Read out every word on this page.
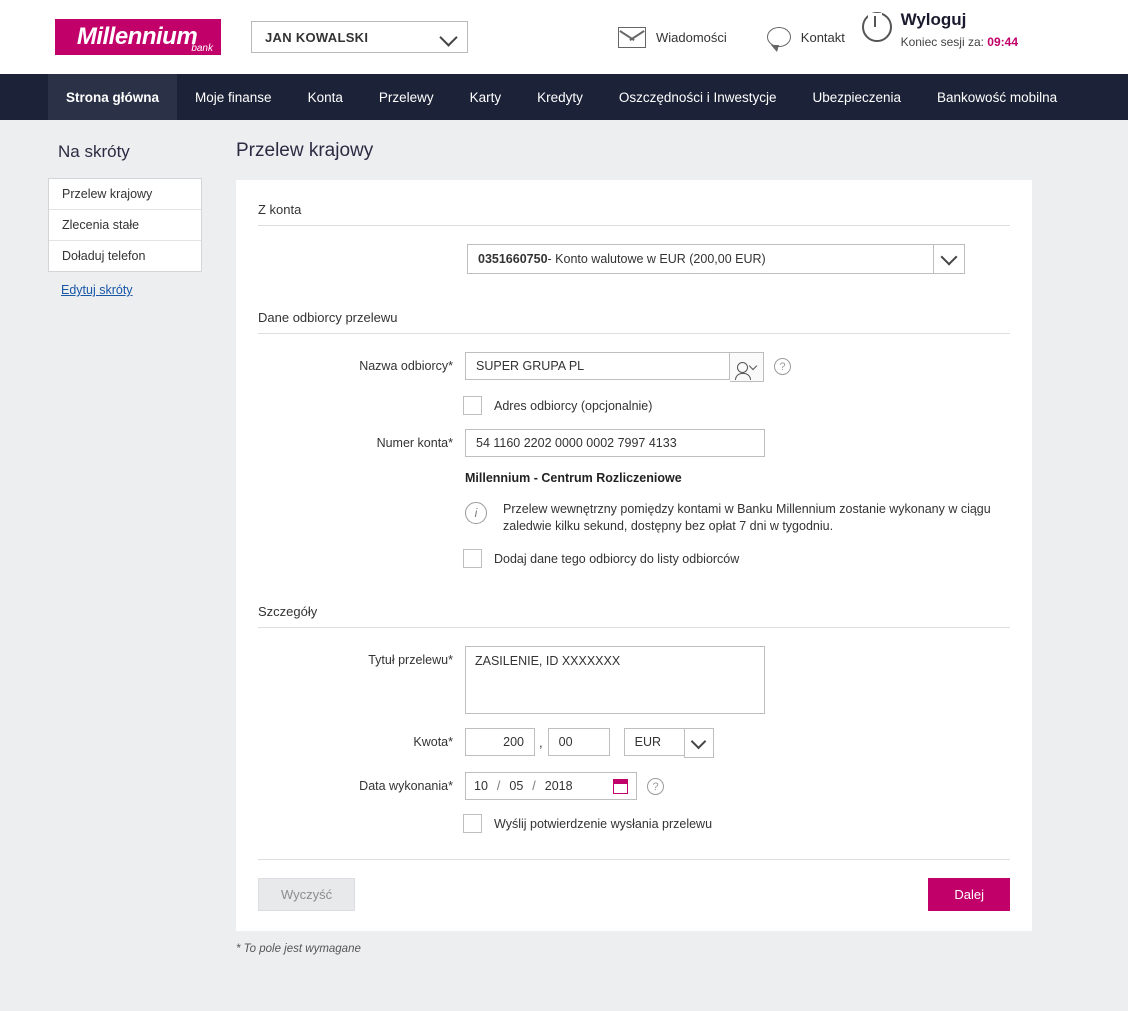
Millennium
bank
JAN KOWALSKI	Wiadomości	Kontakt
Wyloguj
Koniec sesji za: 09:44
Strona główna	Moje finanse	Konta	Przelewy	Karty	Kredyty	Oszczędności i Inwestycje	Ubezpieczenia	Bankowość mobilna
Na skróty
Przelew krajowy
Zlecenia stałe
Doładuj telefon
Edytuj skróty
Przelew krajowy
Z konta
0351660750 - Konto walutowe w EUR (200,00 EUR)
Dane odbiorcy przelewu
Nazwa odbiorcy*	SUPER GRUPA PL	?
Adres odbiorcy (opcjonalnie)
Numer konta*	54 1160 2202 0000 0002 7997 4133
Millennium - Centrum Rozliczeniowe
i	Przelew wewnętrzny pomiędzy kontami w Banku Millennium zostanie wykonany w ciągu zaledwie kilku sekund, dostępny bez opłat 7 dni w tygodniu.
Dodaj dane tego odbiorcy do listy odbiorców
Szczegóły
Tytuł przelewu*	ZASILENIE, ID XXXXXXX
Kwota*	200	,	00	EUR
Data wykonania*	10 / 05 / 2018	?
Wyślij potwierdzenie wysłania przelewu
Wyczyść	Dalej
* To pole jest wymagane
